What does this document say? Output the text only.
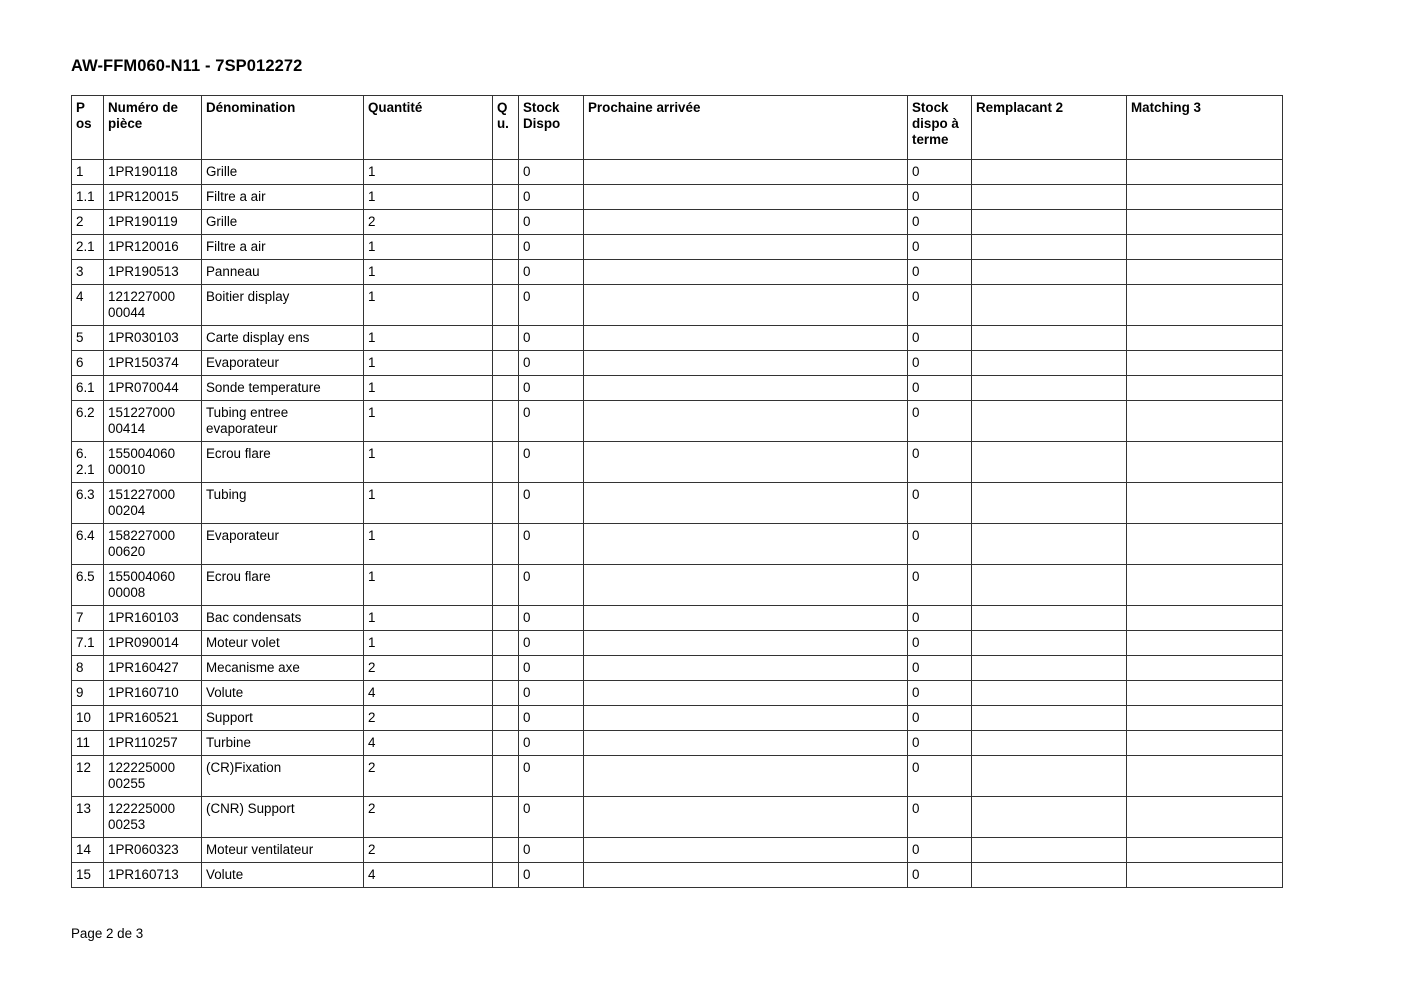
AW-FFM060-N11 - 7SP012272
P os	Numéro de pièce	Dénomination	Quantité	Q u.	Stock Dispo	Prochaine arrivée	Stock dispo à terme	Remplacant 2	Matching 3
1	1PR190118	Grille	1		0		0		
1.1	1PR120015	Filtre a air	1		0		0		
2	1PR190119	Grille	2		0		0		
2.1	1PR120016	Filtre a air	1		0		0		
3	1PR190513	Panneau	1		0		0		
4	121227000 00044	Boitier display	1		0		0		
5	1PR030103	Carte display ens	1		0		0		
6	1PR150374	Evaporateur	1		0		0		
6.1	1PR070044	Sonde temperature	1		0		0		
6.2	151227000 00414	Tubing entree evaporateur	1		0		0		
6. 2.1	155004060 00010	Ecrou flare	1		0		0		
6.3	151227000 00204	Tubing	1		0		0		
6.4	158227000 00620	Evaporateur	1		0		0		
6.5	155004060 00008	Ecrou flare	1		0		0		
7	1PR160103	Bac condensats	1		0		0		
7.1	1PR090014	Moteur volet	1		0		0		
8	1PR160427	Mecanisme axe	2		0		0		
9	1PR160710	Volute	4		0		0		
10	1PR160521	Support	2		0		0		
11	1PR110257	Turbine	4		0		0		
12	122225000 00255	(CR)Fixation	2		0		0		
13	122225000 00253	(CNR) Support	2		0		0		
14	1PR060323	Moteur ventilateur	2		0		0		
15	1PR160713	Volute	4		0		0		
Page 2 de 3
